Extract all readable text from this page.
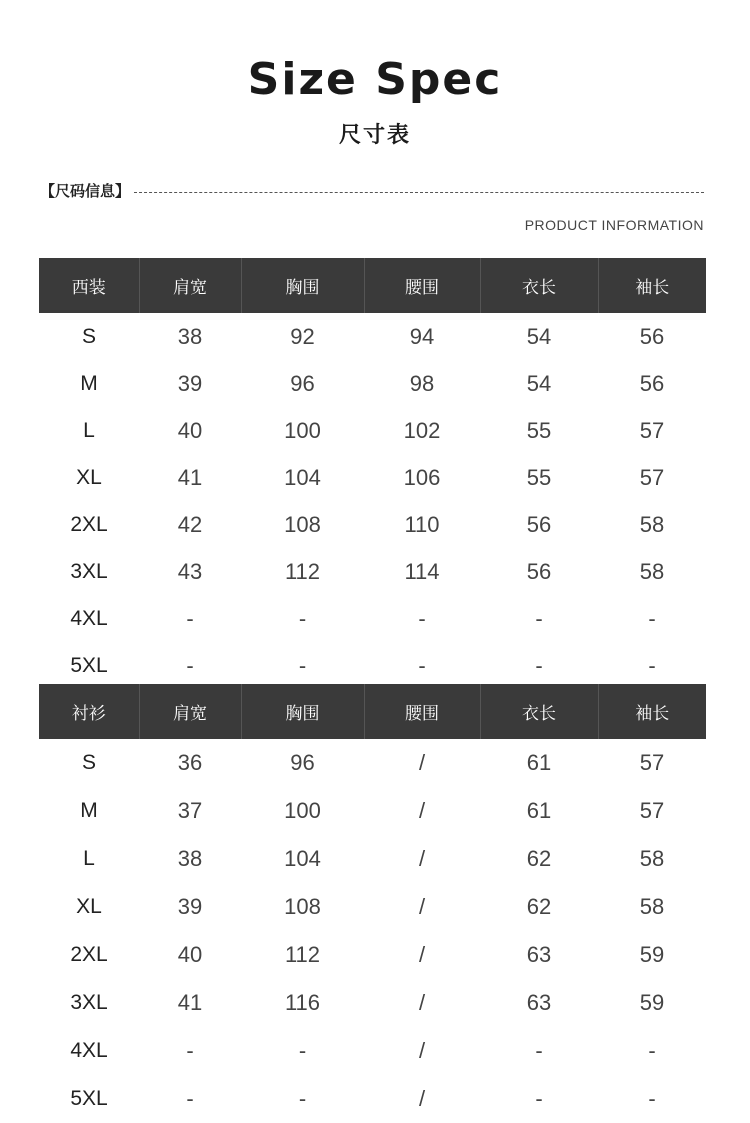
Size Spec
尺寸表
【尺码信息】
PRODUCT INFORMATION
西装	肩宽	胸围	腰围	衣长	袖长
S	38	92	94	54	56
M	39	96	98	54	56
L	40	100	102	55	57
XL	41	104	106	55	57
2XL	42	108	110	56	58
3XL	43	112	114	56	58
4XL	-	-	-	-	-
5XL	-	-	-	-	-
衬衫	肩宽	胸围	腰围	衣长	袖长
S	36	96	/	61	57
M	37	100	/	61	57
L	38	104	/	62	58
XL	39	108	/	62	58
2XL	40	112	/	63	59
3XL	41	116	/	63	59
4XL	-	-	/	-	-
5XL	-	-	/	-	-
